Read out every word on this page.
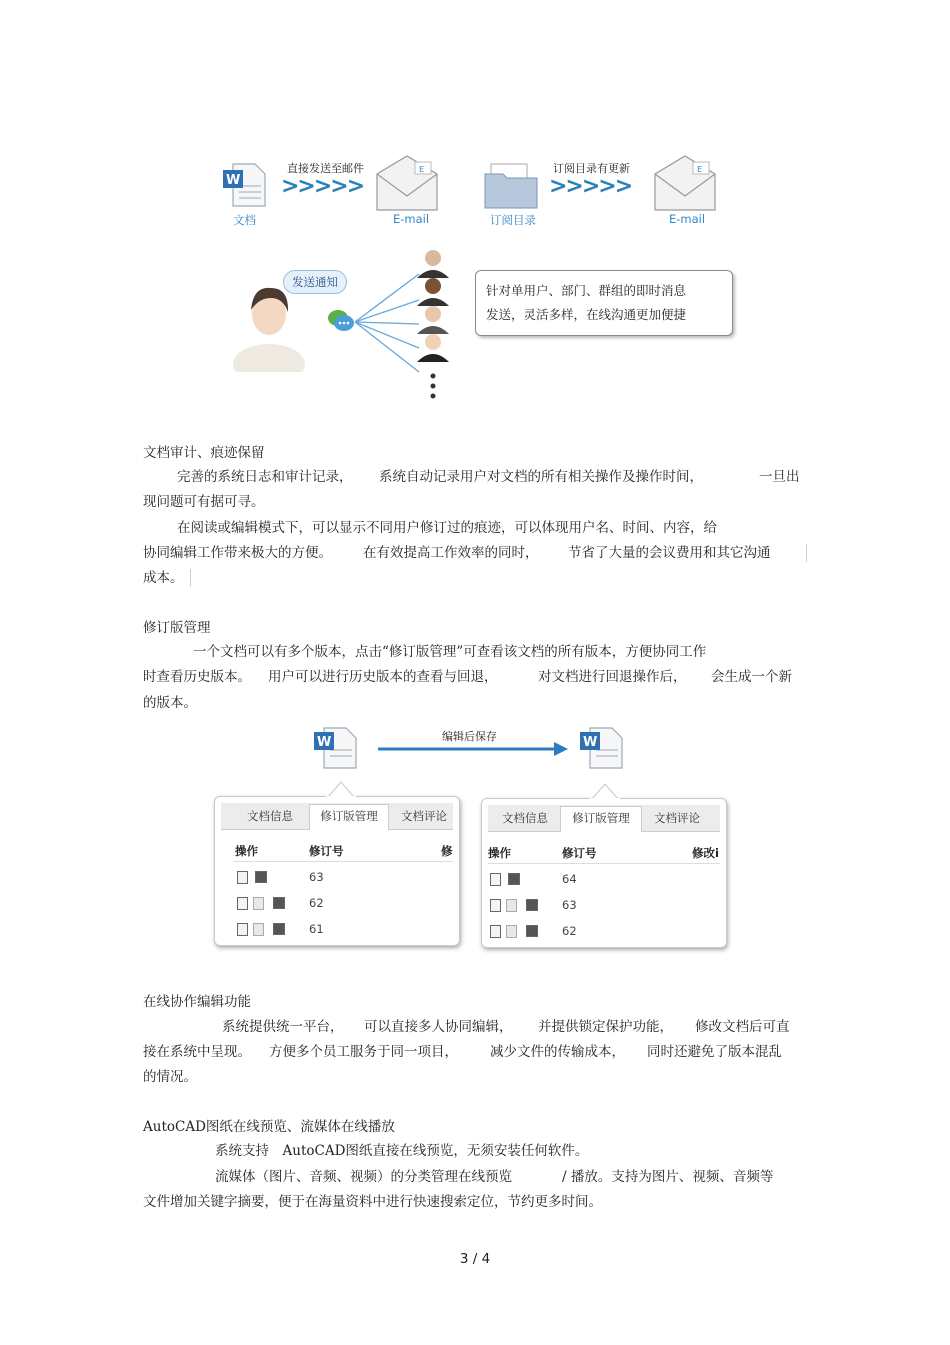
W
文档
直接发送至邮件
>>>>>
E
E-mail	订阅目录
订阅目录有更新
>>>>>
E
E-mail
发送通知
针对单用户、部门、群组的即时消息
发送，灵活多样，在线沟通更加便捷
文档审计、痕迹保留
完善的系统日志和审计记录， 系统自动记录用户对文档的所有相关操作及操作时间，	一旦出
现问题可有据可寻。
在阅读或编辑模式下，可以显示不同用户修订过的痕迹，可以体现用户名、时间、内容，给
协同编辑工作带来极大的方便。 在有效提高工作效率的同时， 节省了大量的会议费用和其它沟通
成本。
修订版管理
一个文档可以有多个版本，点击“修订版管理”可查看该文档的所有版本，方便协同工作
时查看历史版本。 用户可以进行历史版本的查看与回退，	对文档进行回退操作后， 会生成一个新
的版本。
W	编辑后保存	W
文档信息	修订版管理	文档评论
操作	修订号	修
63
62
61
文档信息	修订版管理	文档评论
操作	修订号	修改i
64
63
62
在线协作编辑功能
系统提供统一平台， 可以直接多人协同编辑， 并提供锁定保护功能， 修改文档后可直
接在系统中呈现。 方便多个员工服务于同一项目， 减少文件的传输成本， 同时还避免了版本混乱
的情况。
AutoCAD图纸在线预览、流媒体在线播放
系统支持　AutoCAD图纸直接在线预览，无须安装任何软件。
流媒体（图片、音频、视频）的分类管理在线预览	/ 播放。支持为图片、视频、音频等
文件增加关键字摘要，便于在海量资料中进行快速搜索定位，节约更多时间。
3 / 4
